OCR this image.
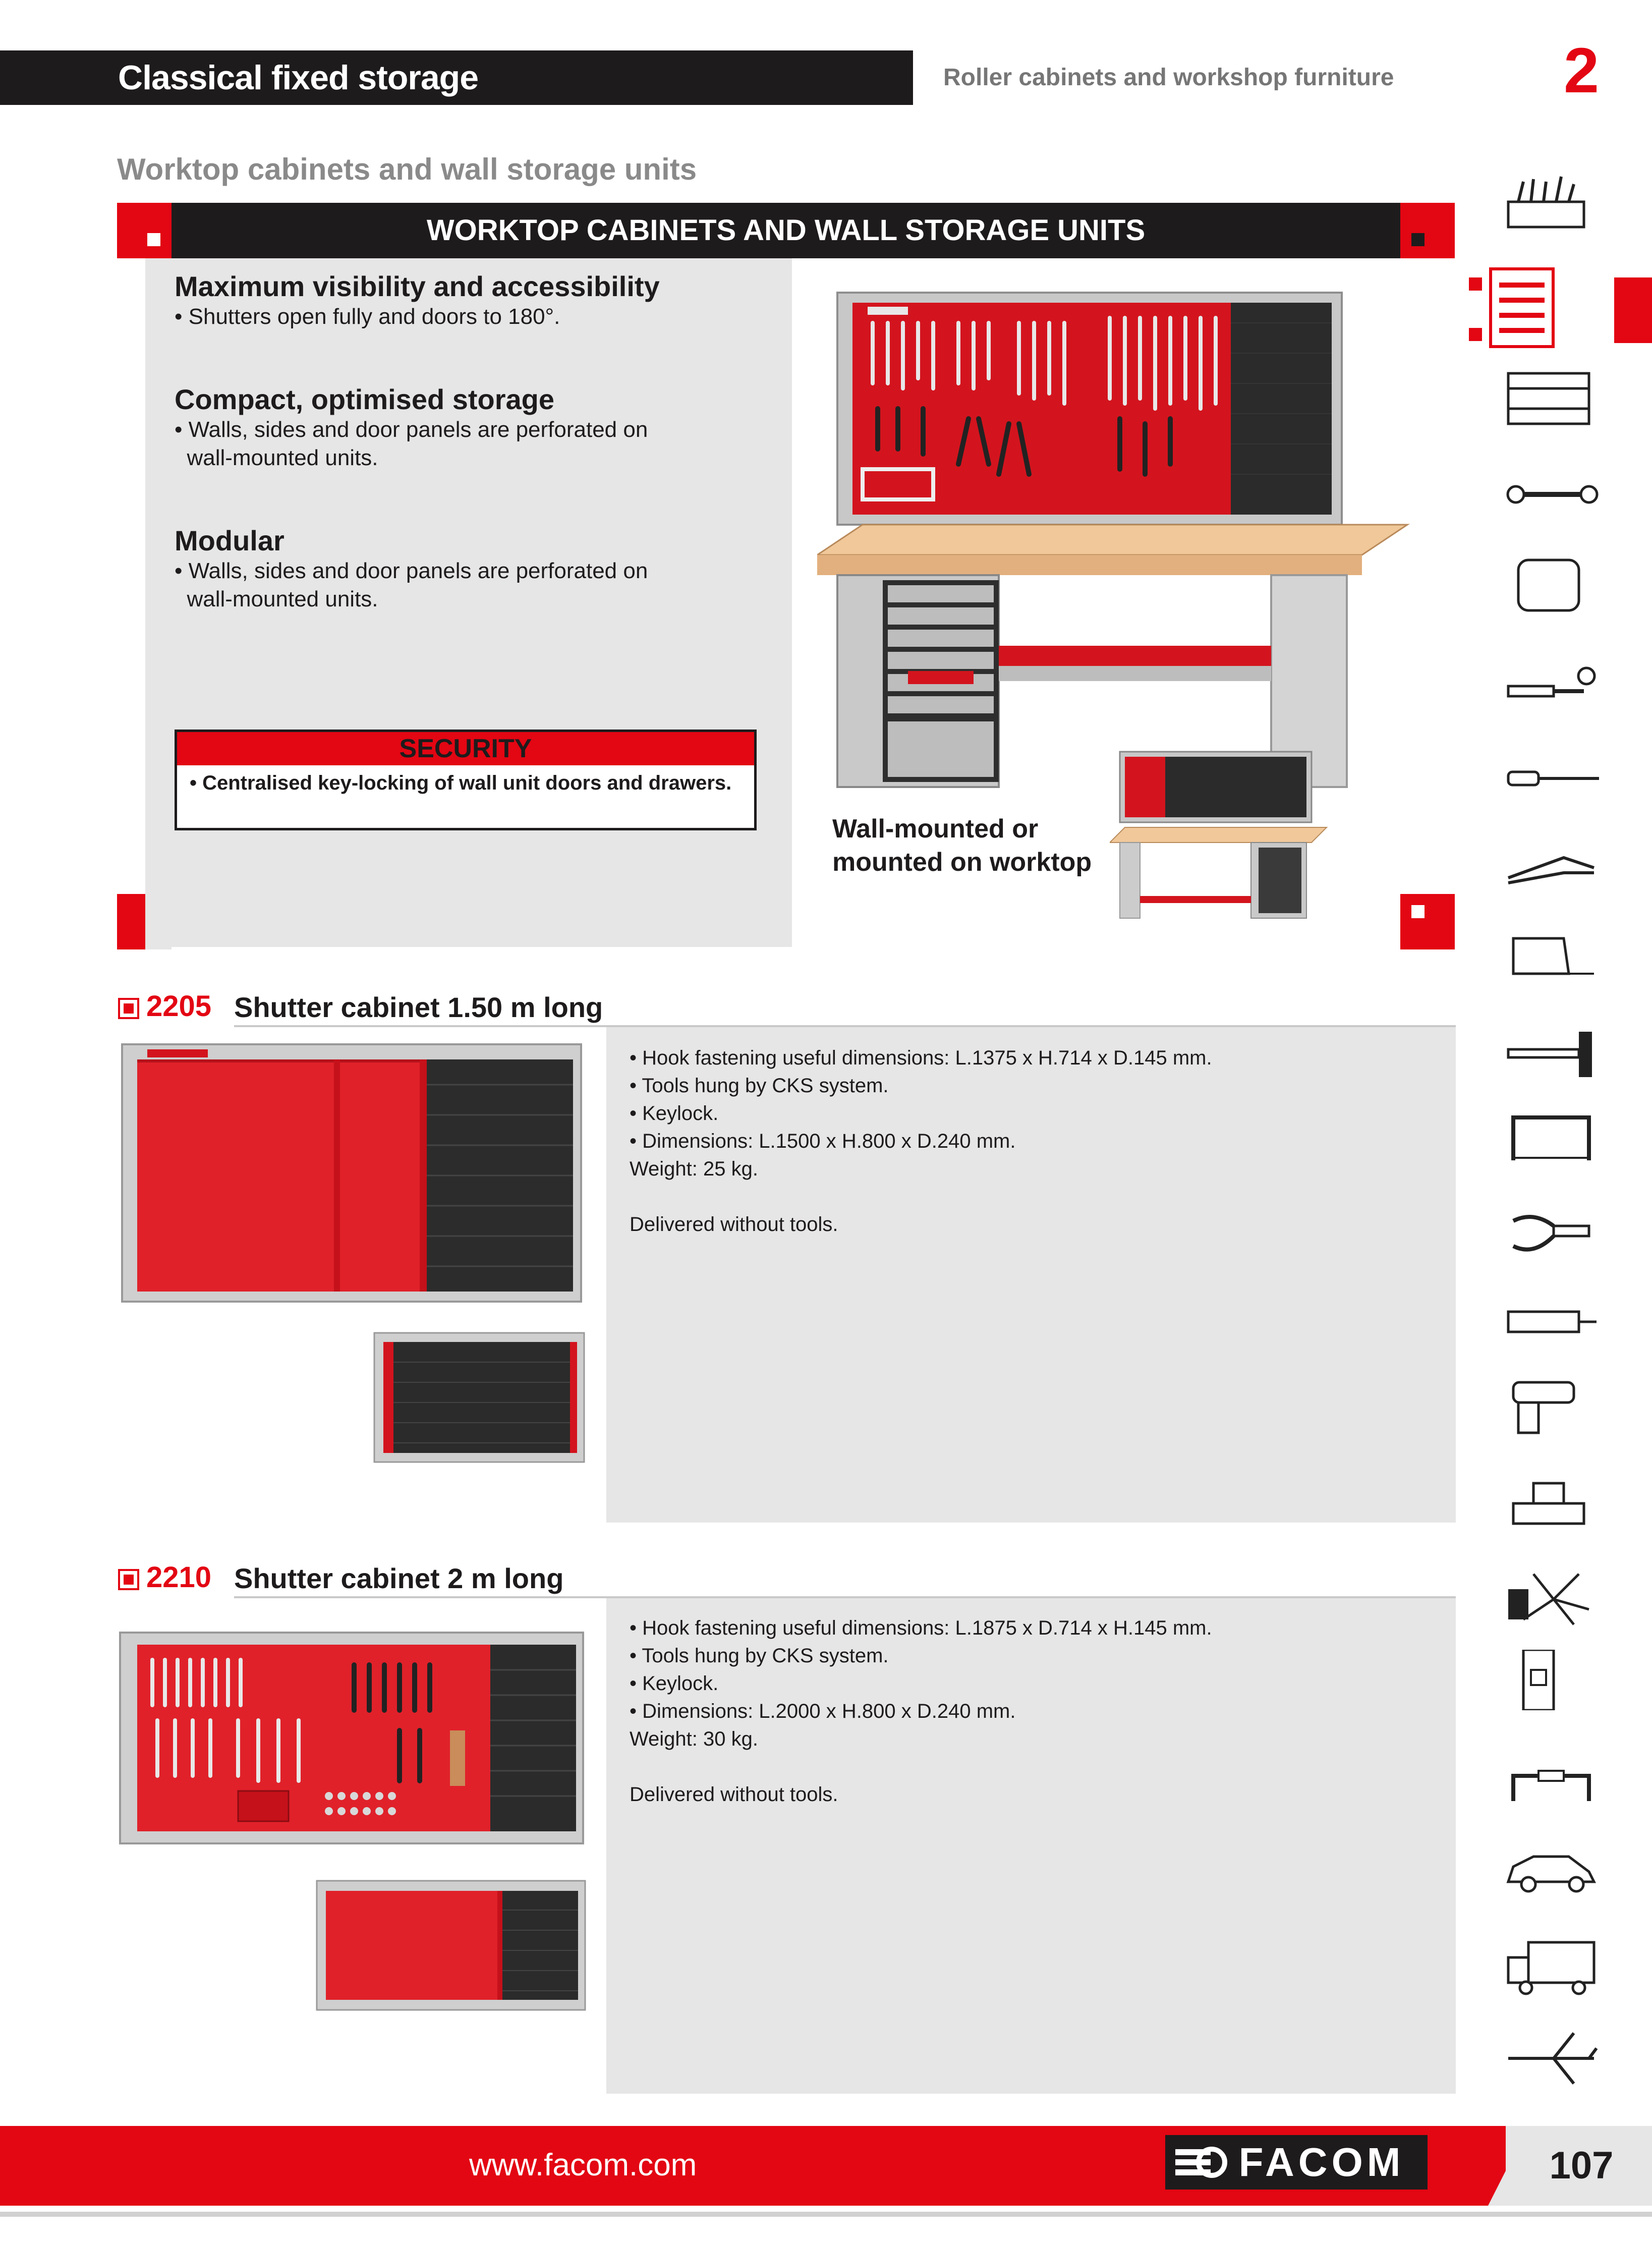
Classical fixed storage	Roller cabinets and workshop furniture	2
Worktop cabinets and wall storage units
WORKTOP CABINETS AND WALL STORAGE UNITS
Maximum visibility and accessibility
• Shutters open fully and doors to 180°.
Compact, optimised storage
• Walls, sides and door panels are perforated on
wall-mounted units.
Modular
• Walls, sides and door panels are perforated on
wall-mounted units.
SECURITY
• Centralised key-locking of wall unit doors and drawers.
Wall-mounted or
mounted on worktop
2205 Shutter cabinet 1.50 m long
• Hook fastening useful dimensions: L.1375 x H.714 x D.145 mm.
• Tools hung by CKS system.
• Keylock.
• Dimensions: L.1500 x H.800 x D.240 mm.
Weight: 25 kg.
Delivered without tools.
2210 Shutter cabinet 2 m long
• Hook fastening useful dimensions: L.1875 x D.714 x H.145 mm.
• Tools hung by CKS system.
• Keylock.
• Dimensions: L.2000 x H.800 x D.240 mm.
Weight: 30 kg.
Delivered without tools.
www.facom.com	FACOM	107
